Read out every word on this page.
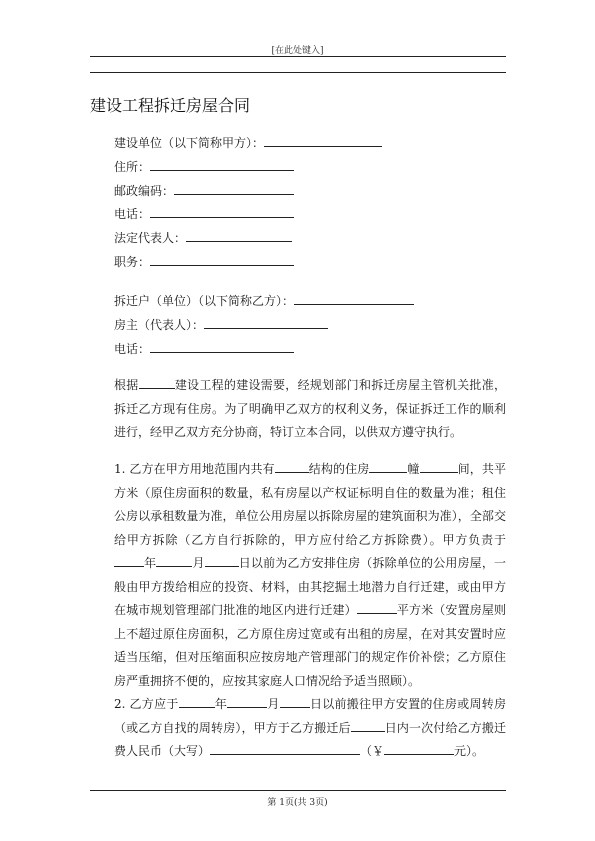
[在此处键入]
建设工程拆迁房屋合同
建设单位（以下简称甲方）：
住所：
邮政编码：
电话：
法定代表人：
职务：
拆迁户（单位）（以下简称乙方）：
房主（代表人）：
电话：
根据	建设工程的建设需要，经规划部门和拆迁房屋主管机关批准，拆迁乙方现有住房。为了明确甲乙双方的权利义务，保证拆迁工作的顺利进行，经甲乙双方充分协商，特订立本合同，以供双方遵守执行。
1. 乙方在甲方用地范围内共有	结构的住房	幢	间，共平方米（原住房面积的数量，私有房屋以产权证标明自住的数量为准；租住公房以承租数量为准，单位公用房屋以拆除房屋的建筑面积为准），全部交给甲方拆除（乙方自行拆除的，甲方应付给乙方拆除费）。甲方负责于年	月	日以前为乙方安排住房（拆除单位的公用房屋，一般由甲方拨给相应的投资、材料，由其挖掘土地潜力自行迁建，或由甲方在城市规划管理部门批准的地区内进行迁建）	平方米（安置房屋则上不超过原住房面积，乙方原住房过宽或有出租的房屋，在对其安置时应适当压缩，但对压缩面积应按房地产管理部门的规定作价补偿；乙方原住房严重拥挤不便的，应按其家庭人口情况给予适当照顾）。
2. 乙方应于	年	月	日以前搬往甲方安置的住房或周转房（或乙方自找的周转房），甲方于乙方搬迁后	日内一次付给乙方搬迁费人民币（大写）	（￥	元）。
第 1页(共 3页)
